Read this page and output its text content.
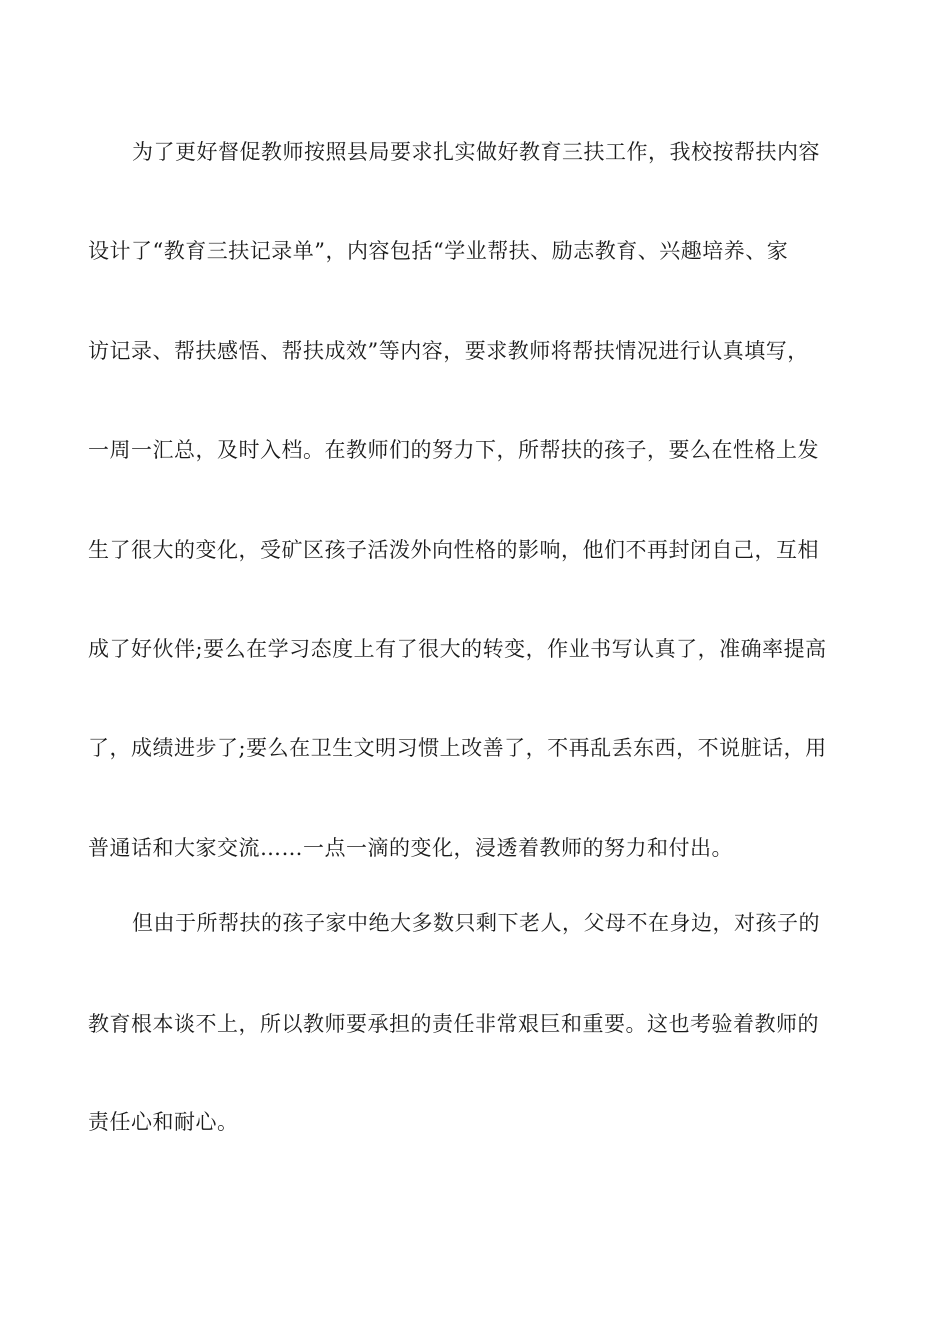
为了更好督促教师按照县局要求扎实做好教育三扶工作，我校按帮扶内容
设计了“教育三扶记录单”，内容包括“学业帮扶、励志教育、兴趣培养、家
访记录、帮扶感悟、帮扶成效”等内容，要求教师将帮扶情况进行认真填写，
一周一汇总，及时入档。在教师们的努力下，所帮扶的孩子，要么在性格上发
生了很大的变化，受矿区孩子活泼外向性格的影响，他们不再封闭自己，互相
成了好伙伴;要么在学习态度上有了很大的转变，作业书写认真了，准确率提高
了，成绩进步了;要么在卫生文明习惯上改善了，不再乱丢东西，不说脏话，用
普通话和大家交流……一点一滴的变化，浸透着教师的努力和付出。
但由于所帮扶的孩子家中绝大多数只剩下老人，父母不在身边，对孩子的
教育根本谈不上，所以教师要承担的责任非常艰巨和重要。这也考验着教师的
责任心和耐心。
